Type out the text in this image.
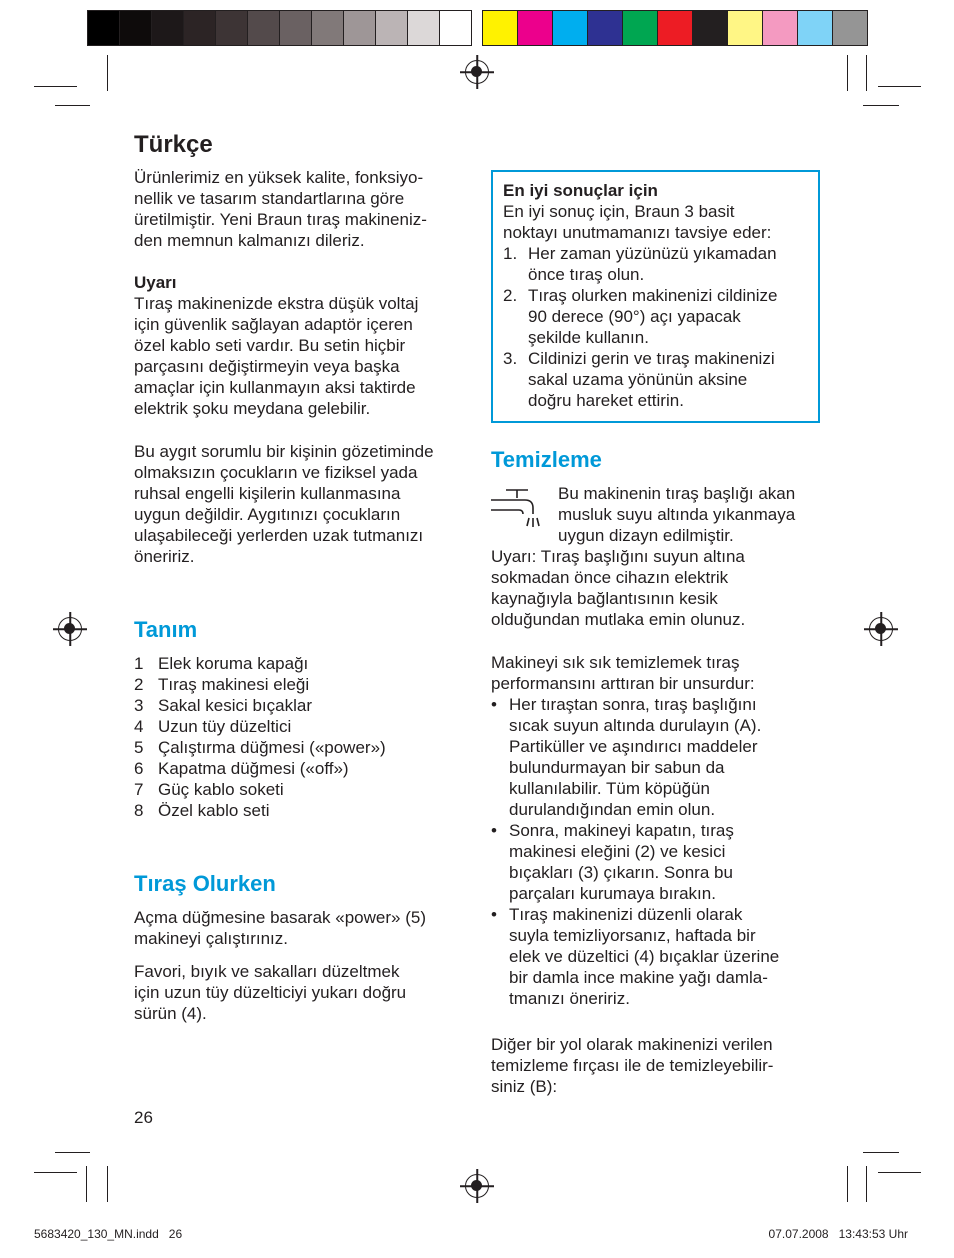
Türkçe
Ürünlerimiz en yüksek kalite, fonksiyo-
nellik ve tasarım standartlarına göre
üretilmiştir. Yeni Braun tıraş makineniz-
den memnun kalmanızı dileriz.
Uyarı
Tıraş makinenizde ekstra düşük voltaj
için güvenlik sağlayan adaptör içeren
özel kablo seti vardır. Bu setin hiçbir
parçasını değiştirmeyin veya başka
amaçlar için kullanmayın aksi taktirde
elektrik şoku meydana gelebilir.
Bu aygıt sorumlu bir kişinin gözetiminde
olmaksızın çocukların ve fiziksel yada
ruhsal engelli kişilerin kullanmasına
uygun değildir. Aygıtınızı çocukların
ulaşabileceği yerlerden uzak tutmanızı
öneririz.
Tanım
1 Elek koruma kapağı
2 Tıraş makinesi eleği
3 Sakal kesici bıçaklar
4 Uzun tüy düzeltici
5 Çalıştırma düğmesi («power»)
6 Kapatma düğmesi («off»)
7 Güç kablo soketi
8 Özel kablo seti
Tıraş Olurken
Açma düğmesine basarak «power» (5)
makineyi çalıştırınız.
Favori, bıyık ve sakalları düzeltmek
için uzun tüy düzelticiyi yukarı doğru
sürün (4).
26
En iyi sonuçlar için
En iyi sonuç için, Braun 3 basit
noktayı unutmamanızı tavsiye eder:
1. Her zaman yüzünüzü yıkamadan
önce tıraş olun.
2. Tıraş olurken makinenizi cildinize
90 derece (90°) açı yapacak
şekilde kullanın.
3. Cildinizi gerin ve tıraş makinenizi
sakal uzama yönünün aksine
doğru hareket ettirin.
Temizleme
Bu makinenin tıraş başlığı akan
musluk suyu altında yıkanmaya
uygun dizayn edilmiştir.
Uyarı: Tıraş başlığını suyun altına
sokmadan önce cihazın elektrik
kaynağıyla bağlantısının kesik
olduğundan mutlaka emin olunuz.
Makineyi sık sık temizlemek tıraş
performansını arttıran bir unsurdur:
• Her tıraştan sonra, tıraş başlığını
sıcak suyun altında durulayın (A).
Partiküller ve aşındırıcı maddeler
bulundurmayan bir sabun da
kullanılabilir. Tüm köpüğün
durulandığından emin olun.
• Sonra, makineyi kapatın, tıraş
makinesi eleğini (2) ve kesici
bıçakları (3) çıkarın. Sonra bu
parçaları kurumaya bırakın.
• Tıraş makinenizi düzenli olarak
suyla temizliyorsanız, haftada bir
elek ve düzeltici (4) bıçaklar üzerine
bir damla ince makine yağı damla-
tmanızı öneririz.
Diğer bir yol olarak makinenizi verilen
temizleme fırçası ile de temizleyebilir-
siniz (B):
5683420_130_MN.indd   26	07.07.2008   13:43:53 Uhr
